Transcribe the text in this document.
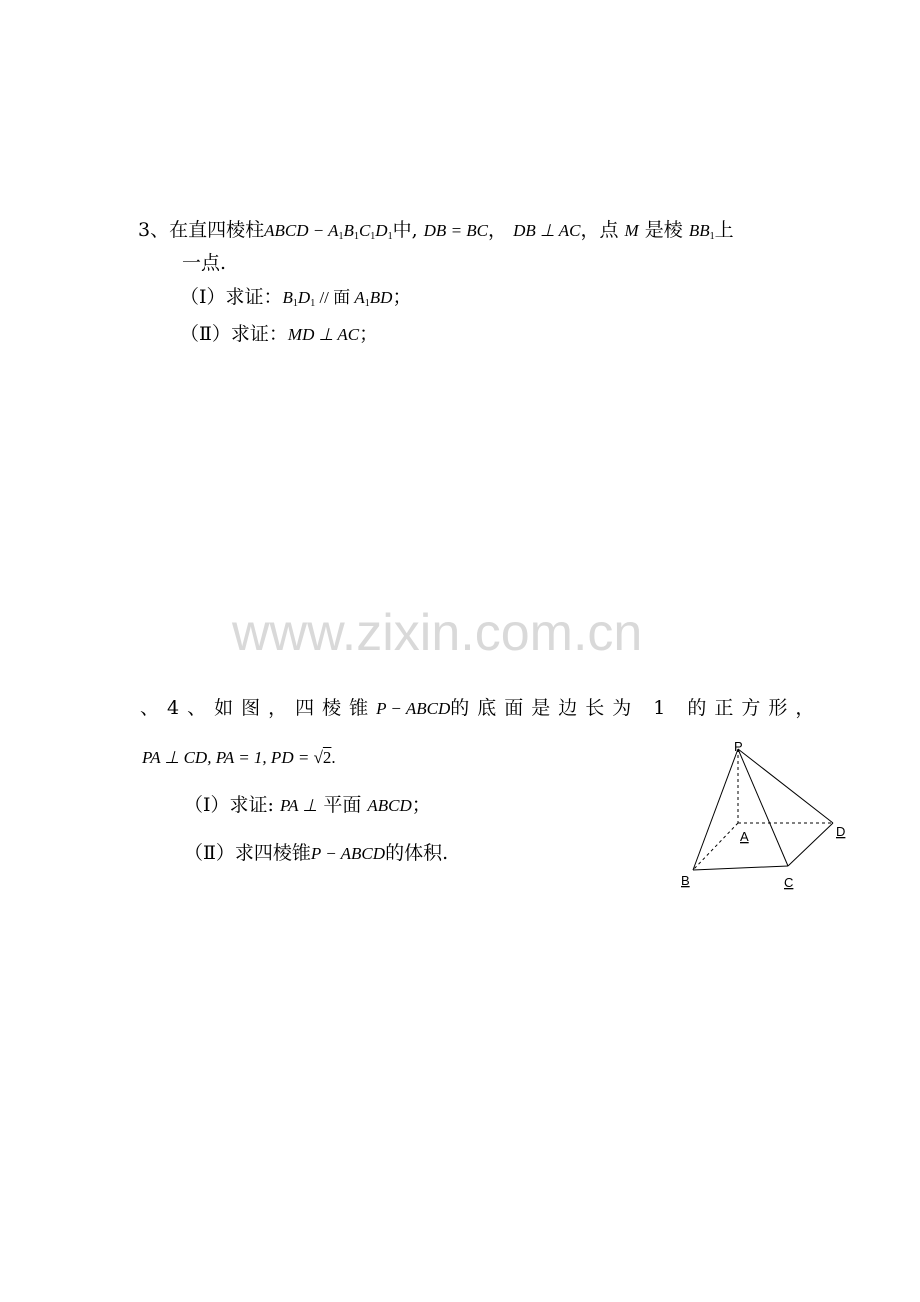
3、在直四棱柱ABCD − $A_1B_1C_1D_1$中, DB = BC， DB ⊥ AC，点 M 是棱 $BB_1$上
一点.
（Ⅰ）求证：$B_1D_1$ // 面 $A_1BD$；
（Ⅱ）求证：MD ⊥ AC；
www.zixin.com.cn
、4、如图，四棱锥P − ABCD的底面是边长为 1 的正方形，
PA ⊥ CD, PA = 1, PD = √2.
（Ⅰ）求证: PA ⊥ 平面 ABCD；
（Ⅱ）求四棱锥P − ABCD的体积.
P
A
B	C
D
